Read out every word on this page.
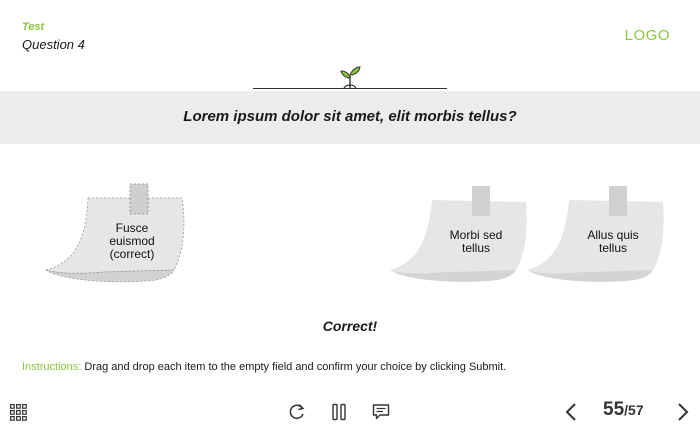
Test
Question 4
LOGO
Lorem ipsum dolor sit amet, elit morbis tellus?
Fusce
euismod
(correct)
Morbi sed
tellus
Allus quis
tellus
Correct!
Instructions: Drag and drop each item to the empty field and confirm your choice by clicking Submit.
55/57
